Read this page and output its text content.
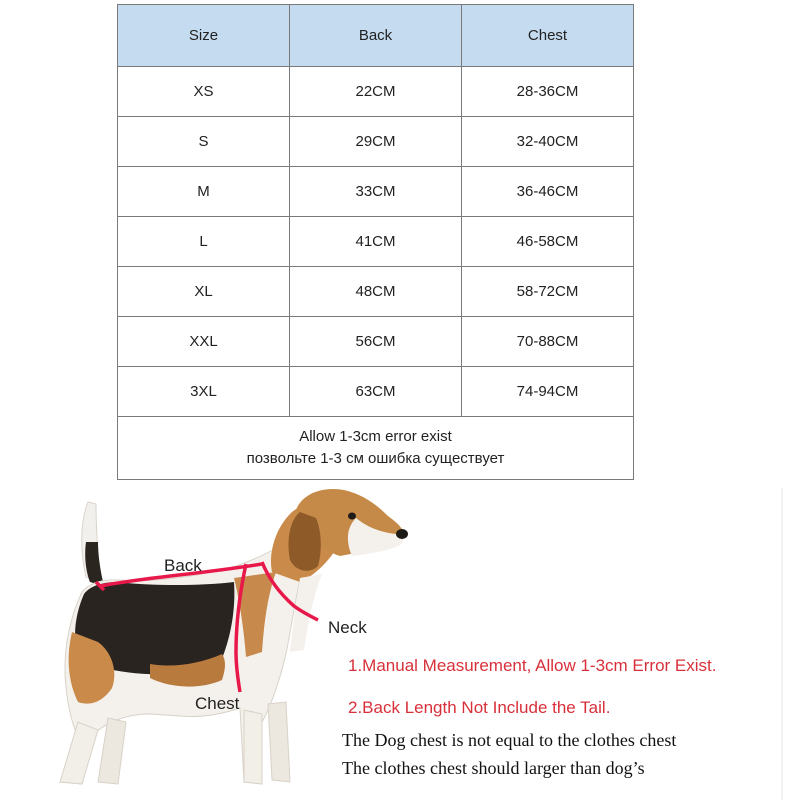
Size	Back	Chest
XS	22CM	28-36CM
S	29CM	32-40CM
M	33CM	36-46CM
L	41CM	46-58CM
XL	48CM	58-72CM
XXL	56CM	70-88CM
3XL	63CM	74-94CM

Allow 1-3cm error exist
позвольте 1-3 см ошибка существует		
Back
Neck
Chest
1.Manual Measurement, Allow 1-3cm Error Exist.
2.Back Length Not Include the Tail.
The Dog chest is not equal to the clothes chest
The clothes chest should larger than dog’s
